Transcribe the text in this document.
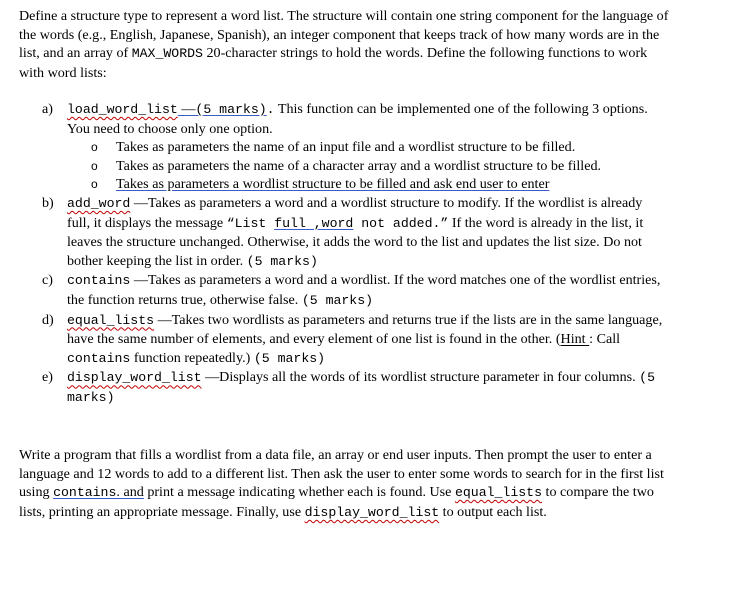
Define a structure type to represent a word list. The structure will contain one string component for the language of the words (e.g., English, Japanese, Spanish), an integer component that keeps track of how many words are in the list, and an array of MAX_WORDS 20-character strings to hold the words. Define the following functions to work with word lists:

a) load_word_list —(5 marks). This function can be implemented one of the following 3 options. You need to choose only one option.
o Takes as parameters the name of an input file and a wordlist structure to be filled.
o Takes as parameters the name of a character array and a wordlist structure to be filled.
o Takes as parameters a wordlist structure to be filled and ask end user to enter
b) add_word —Takes as parameters a word and a wordlist structure to modify. If the wordlist is already full, it displays the message “List full ,word not added.” If the word is already in the list, it leaves the structure unchanged. Otherwise, it adds the word to the list and updates the list size. Do not bother keeping the list in order. (5 marks)
c) contains —Takes as parameters a word and a wordlist. If the word matches one of the wordlist entries, the function returns true, otherwise false. (5 marks)
d) equal_lists —Takes two wordlists as parameters and returns true if the lists are in the same language, have the same number of elements, and every element of one list is found in the other. (Hint : Call contains function repeatedly.) (5 marks)
e) display_word_list —Displays all the words of its wordlist structure parameter in four columns. (5 marks)

Write a program that fills a wordlist from a data file, an array or end user inputs. Then prompt the user to enter a language and 12 words to add to a different list. Then ask the user to enter some words to search for in the first list using contains. and print a message indicating whether each is found. Use equal_lists to compare the two lists, printing an appropriate message. Finally, use display_word_list to output each list.
